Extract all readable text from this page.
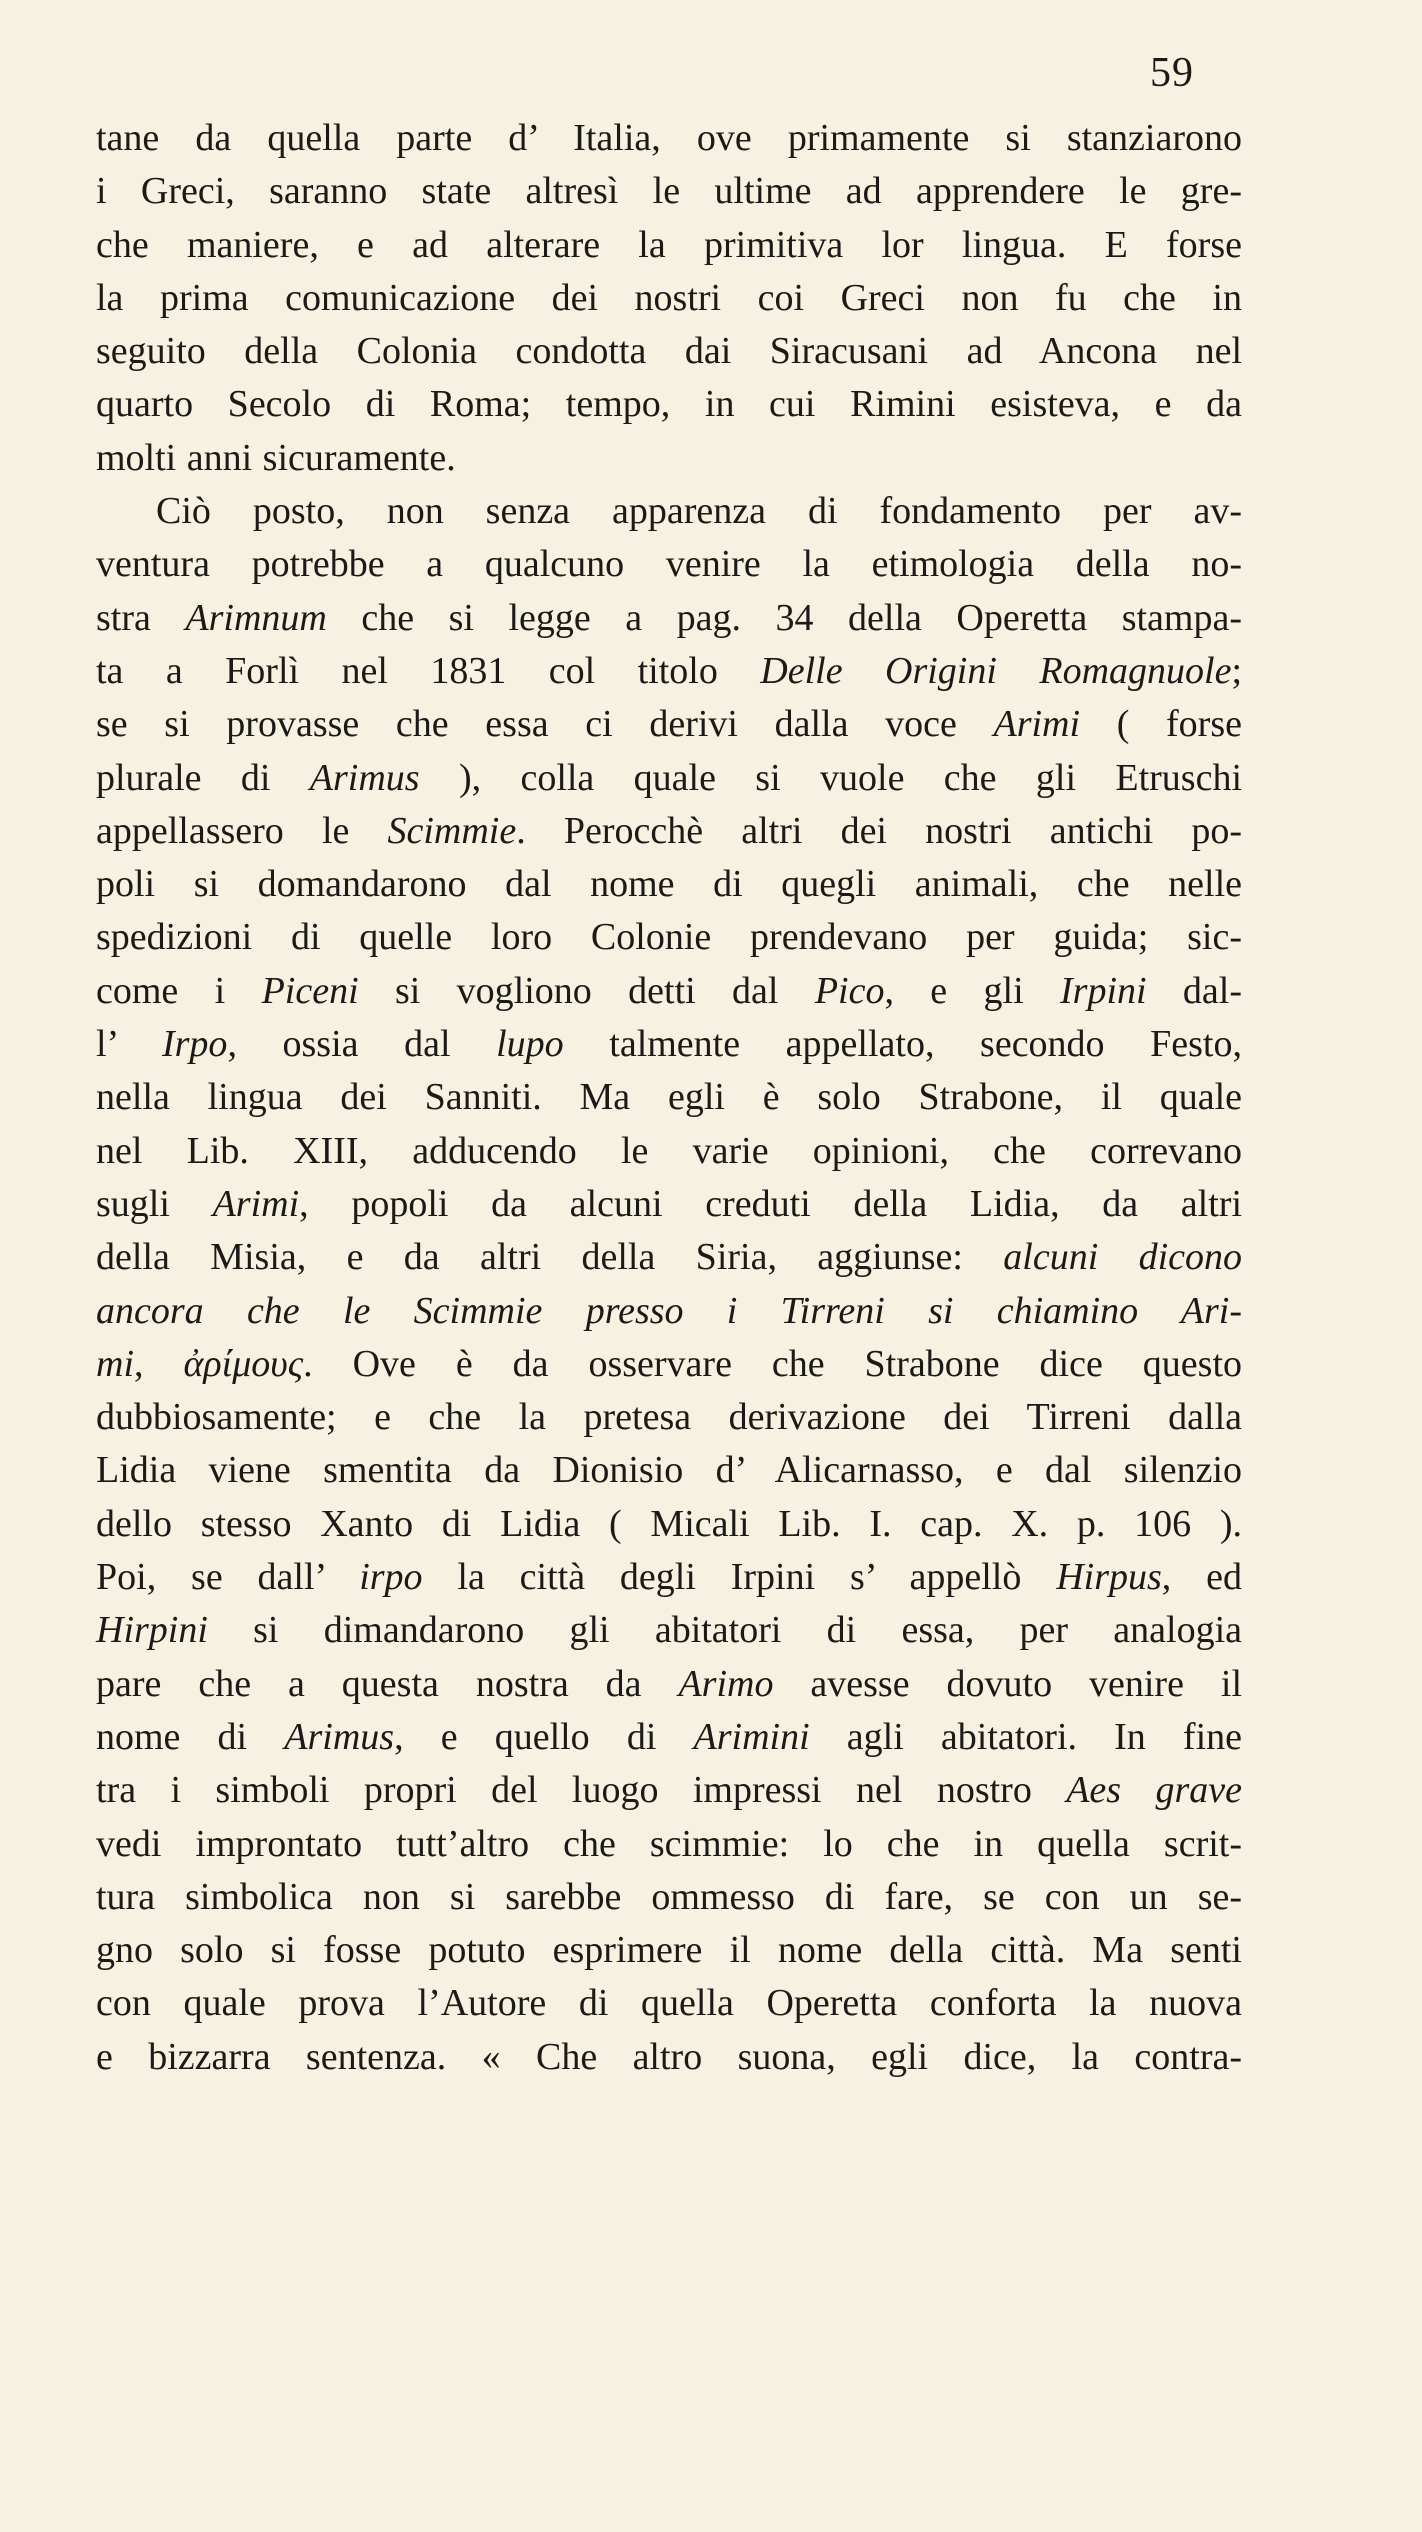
59
tane da quella parte d’ Italia, ove primamente si stanziarono
i Greci, saranno state altresì le ultime ad apprendere le gre-
che maniere, e ad alterare la primitiva lor lingua. E forse
la prima comunicazione dei nostri coi Greci non fu che in
seguito della Colonia condotta dai Siracusani ad Ancona nel
quarto Secolo di Roma; tempo, in cui Rimini esisteva, e da
molti anni sicuramente.
Ciò posto, non senza apparenza di fondamento per av-
ventura potrebbe a qualcuno venire la etimologia della no-
stra Arimnum che si legge a pag. 34 della Operetta stampa-
ta a Forlì nel 1831 col titolo Delle Origini Romagnuole;
se si provasse che essa ci derivi dalla voce Arimi ( forse
plurale di Arimus ), colla quale si vuole che gli Etruschi
appellassero le Scimmie. Perocchè altri dei nostri antichi po-
poli si domandarono dal nome di quegli animali, che nelle
spedizioni di quelle loro Colonie prendevano per guida; sic-
come i Piceni si vogliono detti dal Pico, e gli Irpini dal-
l’ Irpo, ossia dal lupo talmente appellato, secondo Festo,
nella lingua dei Sanniti. Ma egli è solo Strabone, il quale
nel Lib. XIII, adducendo le varie opinioni, che correvano
sugli Arimi, popoli da alcuni creduti della Lidia, da altri
della Misia, e da altri della Siria, aggiunse: alcuni dicono
ancora che le Scimmie presso i Tirreni si chiamino Ari-
mi, ἀρίμους. Ove è da osservare che Strabone dice questo
dubbiosamente; e che la pretesa derivazione dei Tirreni dalla
Lidia viene smentita da Dionisio d’ Alicarnasso, e dal silenzio
dello stesso Xanto di Lidia ( Micali Lib. I. cap. X. p. 106 ).
Poi, se dall’ irpo la città degli Irpini s’ appellò Hirpus, ed
Hirpini si dimandarono gli abitatori di essa, per analogia
pare che a questa nostra da Arimo avesse dovuto venire il
nome di Arimus, e quello di Arimini agli abitatori. In fine
tra i simboli propri del luogo impressi nel nostro Aes grave
vedi improntato tutt’altro che scimmie: lo che in quella scrit-
tura simbolica non si sarebbe ommesso di fare, se con un se-
gno solo si fosse potuto esprimere il nome della città. Ma senti
con quale prova l’Autore di quella Operetta conforta la nuova
e bizzarra sentenza. « Che altro suona, egli dice, la contra-
